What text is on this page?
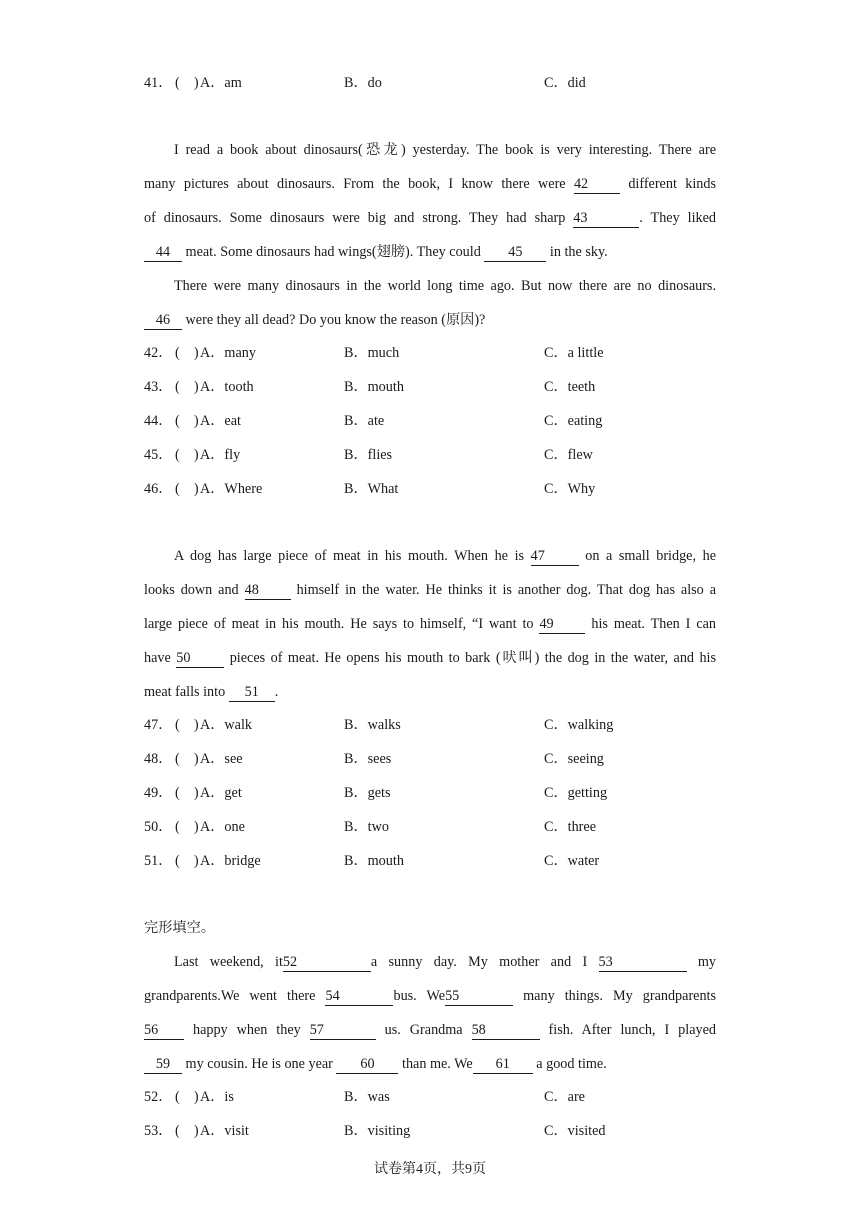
41． (　) A．am	B．do	C．did
I read a book about dinosaurs(恐龙) yesterday. The book is very interesting. There are
many pictures about dinosaurs. From the book, I know there were 42	different kinds
of dinosaurs. Some dinosaurs were big and strong. They had sharp 43	. They liked
44 meat. Some dinosaurs had wings(翅膀). They could 45 in the sky.
There were many dinosaurs in the world long time ago. But now there are no dinosaurs.
46 were they all dead? Do you know the reason (原因)?
42． (　) A．many	B．much	C．a little
43． (　) A．tooth	B．mouth	C．teeth
44． (　) A．eat	B．ate	C．eating
45． (　) A．fly	B．flies	C．flew
46． (　) A．Where	B．What	C．Why
A dog has large piece of meat in his mouth. When he is 47	on a small bridge, he
looks down and 48	himself in the water. He thinks it is another dog. That dog has also a
large piece of meat in his mouth. He says to himself, “I want to 49	his meat. Then I can
have 50	pieces of meat. He opens his mouth to bark (吠叫) the dog in the water, and his
meat falls into 51 .
47． (　) A．walk	B．walks	C．walking
48． (　) A．see	B．sees	C．seeing
49． (　) A．get	B．gets	C．getting
50． (　) A．one	B．two	C．three
51． (　) A．bridge	B．mouth	C．water
完形填空。
Last weekend, it52	a sunny day. My mother and I 53	my
grandparents.We went there 54	bus. We55	many things. My grandparents
56 happy when they 57	us. Grandma 58	fish. After lunch, I played
59 my cousin. He is one year 60 than me. We 61 a good time.
52． (　) A．is	B．was	C．are
53． (　) A．visit	B．visiting	C．visited
试卷第4页，共9页
